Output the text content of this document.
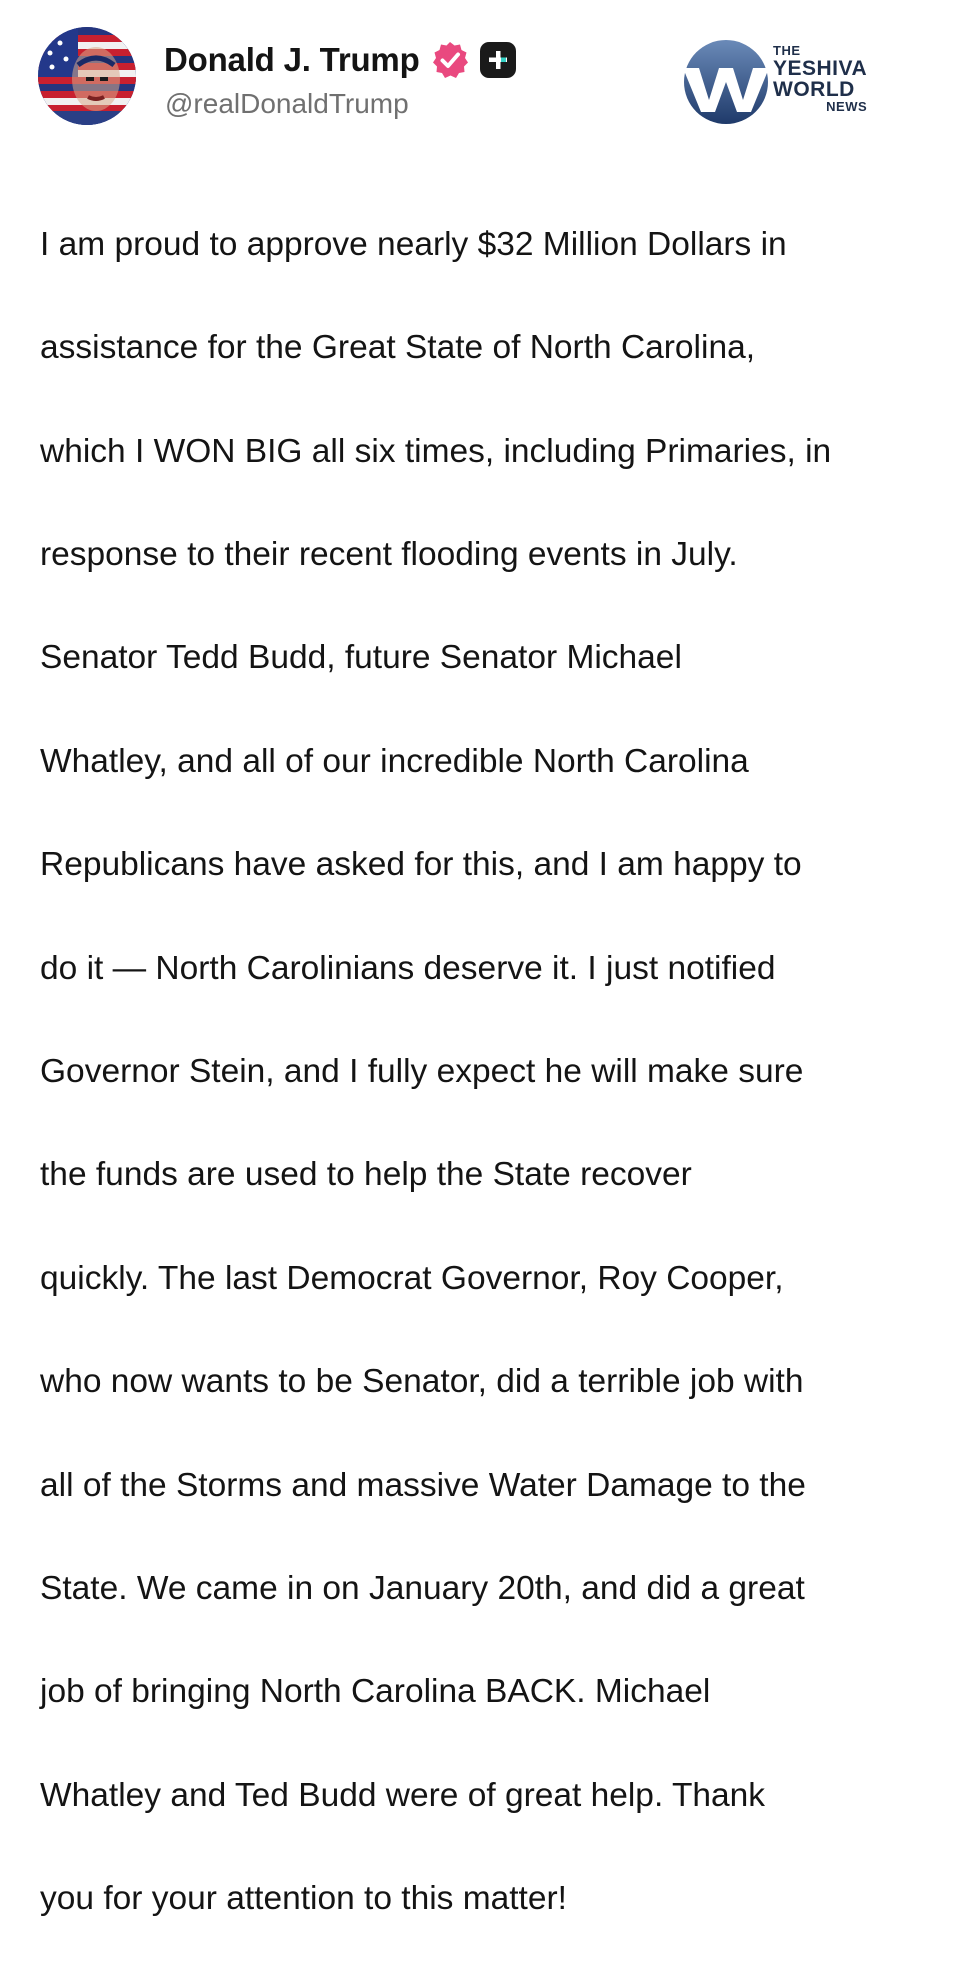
Donald J. Trump
@realDonaldTrump
THE
YESHIVA
WORLD
NEWS

I am proud to approve nearly $32 Million Dollars in

assistance for the Great State of North Carolina,

which I WON BIG all six times, including Primaries, in

response to their recent flooding events in July.

Senator Tedd Budd, future Senator Michael

Whatley, and all of our incredible North Carolina

Republicans have asked for this, and I am happy to

do it — North Carolinians deserve it. I just notified

Governor Stein, and I fully expect he will make sure

the funds are used to help the State recover

quickly. The last Democrat Governor, Roy Cooper,

who now wants to be Senator, did a terrible job with

all of the Storms and massive Water Damage to the

State. We came in on January 20th, and did a great

job of bringing North Carolina BACK. Michael

Whatley and Ted Budd were of great help. Thank

you for your attention to this matter!
